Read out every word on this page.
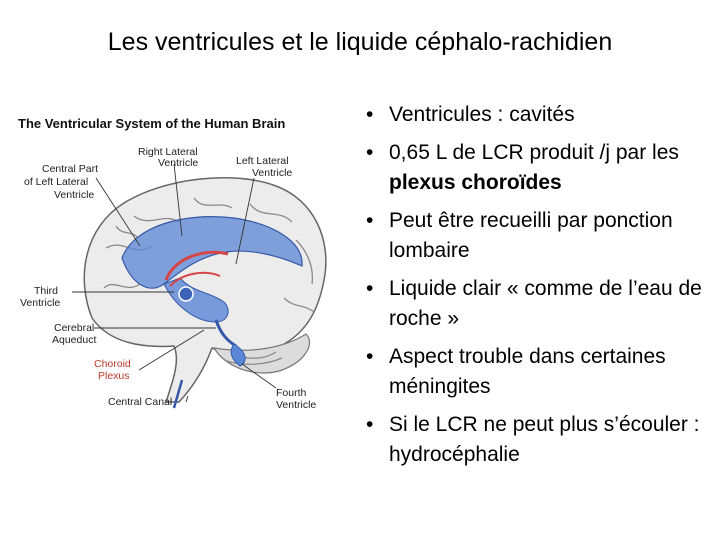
Les ventricules et le liquide céphalo-rachidien
The Ventricular System of the Human Brain
Central Part
of Left Lateral
Ventricle
Right Lateral
Ventricle	Left Lateral
Ventricle
Third
Ventricle
Cerebral
Aqueduct
Choroid
Plexus
Central Canal
Fourth
Ventricle
• Ventricules : cavités
• 0,65 L de LCR produit /j par les plexus choroïdes
• Peut être recueilli par ponction lombaire
• Liquide clair « comme de l’eau de roche »
• Aspect trouble dans certaines méningites
• Si le LCR ne peut plus s’écouler : hydrocéphalie
